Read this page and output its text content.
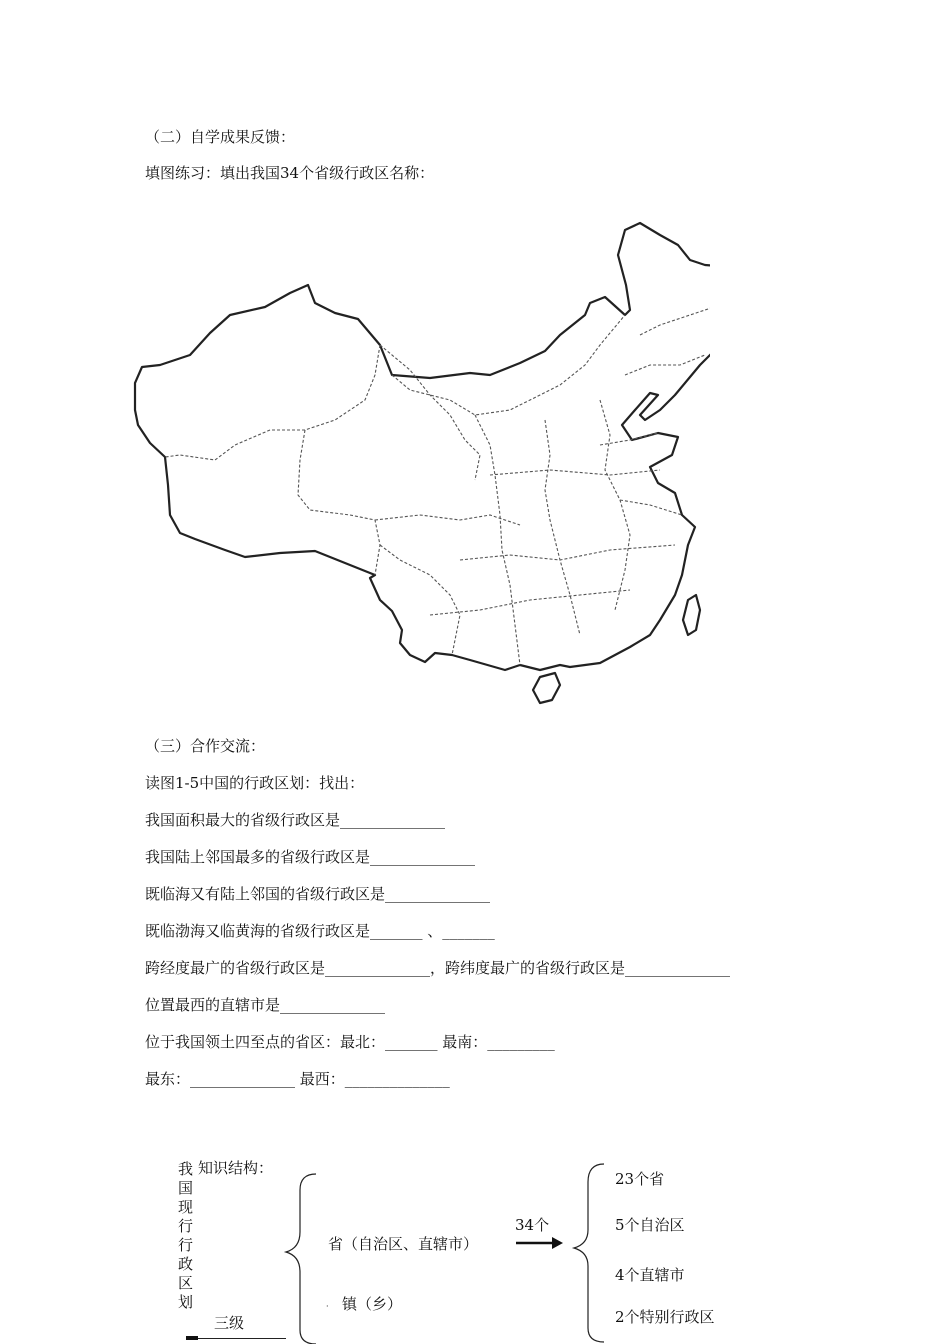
（二）自学成果反馈：
填图练习：填出我国34个省级行政区名称：
（三）合作交流：
读图1-5中国的行政区划：找出：
我国面积最大的省级行政区是______________
我国陆上邻国最多的省级行政区是______________
既临海又有陆上邻国的省级行政区是______________
既临渤海又临黄海的省级行政区是_______ 、_______
跨经度最广的省级行政区是______________，跨纬度最广的省级行政区是______________
位置最西的直辖市是______________
位于我国领土四至点的省区：最北：_______ 最南：_________
最东：______________ 最西：______________
知识结构：
我国现行行政区划
三级
省（自治区、直辖市）
· 镇（乡）
34个
23个省
5个自治区
4个直辖市
2个特别行政区
